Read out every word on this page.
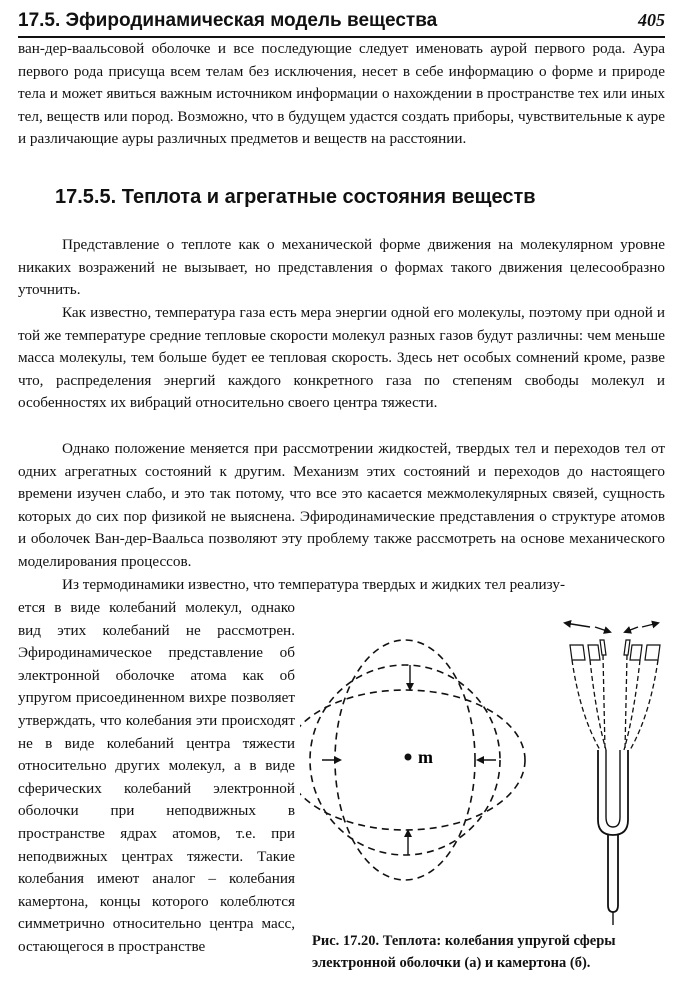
17.5. Эфиродинамическая модель вещества	405

ван-дер-ваальсовой оболочке и все последующие следует именовать аурой первого рода. Аура первого рода присуща всем телам без исключения, несет в себе информацию о форме и природе тела и может явиться важным источником информации о нахождении в пространстве тех или иных тел, веществ или пород. Возможно, что в будущем удастся создать приборы, чувствительные к ауре и различающие ауры различных предметов и веществ на расстоянии.

17.5.5. Теплота и агрегатные состояния веществ

Представление о теплоте как о механической форме движения на молекулярном уровне никаких возражений не вызывает, но представления о формах такого движения целесообразно уточнить.

Как известно, температура газа есть мера энергии одной его молекулы, поэтому при одной и той же температуре средние тепловые скорости молекул разных газов будут различны: чем меньше масса молекулы, тем больше будет ее тепловая скорость. Здесь нет особых сомнений кроме, разве что, распределения энергий каждого конкретного газа по степеням свободы молекул и особенностях их вибраций относительно своего центра тяжести.

Однако положение меняется при рассмотрении жидкостей, твердых тел и переходов тел от одних агрегатных состояний к другим. Механизм этих состояний и переходов до настоящего времени изучен слабо, и это так потому, что все это касается межмолекулярных связей, сущность которых до сих пор физикой не выяснена. Эфиродинамические представления о структуре атомов и оболочек Ван-дер-Ваальса позволяют эту проблему также рассмотреть на основе механического моделирования процессов.

Из термодинамики известно, что температура твердых и жидких тел реализу-

ется в виде колебаний молекул, однако вид этих колебаний не рассмотрен. Эфиродинамическое представление об электронной оболочке атома как об упругом присоединенном вихре позволяет утверждать, что колебания эти происходят не в виде колебаний центра тяжести относительно других молекул, а в виде сферических колебаний электронной оболочки при неподвижных в пространстве ядрах атомов, т.е. при неподвижных центрах тяжести. Такие колебания имеют аналог – колебания камертона, концы которого колеблются симметрично относительно центра масс, остающегося в пространстве

m

Рис. 17.20. Теплота: колебания упругой сферы электронной оболочки (а) и камертона (б).
